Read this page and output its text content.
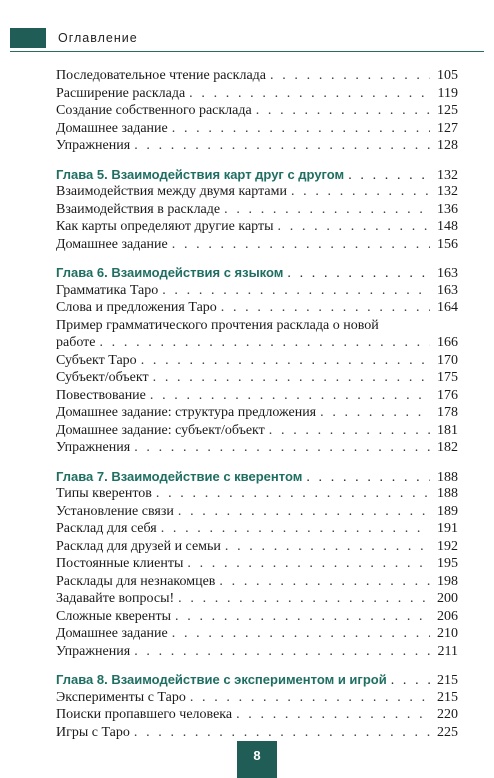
Оглавление
Последовательное чтение расклада . . .	105
Расширение расклада . . .	119
Создание собственного расклада . . .	125
Домашнее задание . . .	127
Упражнения . . .	128
Глава 5. Взаимодействия карт друг с другом . . .	132
Взаимодействия между двумя картами . . .	132
Взаимодействия в раскладе . . .	136
Как карты определяют другие карты . . .	148
Домашнее задание . . .	156
Глава 6. Взаимодействия с языком . . .	163
Грамматика Таро . . .	163
Слова и предложения Таро . . .	164
Пример грамматического прочтения расклада о новой
работе . . .	166
Субъект Таро . . .	170
Субъект/объект . . .	175
Повествование . . .	176
Домашнее задание: структура предложения . . .	178
Домашнее задание: субъект/объект . . .	181
Упражнения . . .	182
Глава 7. Взаимодействие с кверентом . . .	188
Типы кверентов . . .	188
Установление связи . . .	189
Расклад для себя . . .	191
Расклад для друзей и семьи . . .	192
Постоянные клиенты . . .	195
Расклады для незнакомцев . . .	198
Задавайте вопросы! . . .	200
Сложные кверенты . . .	206
Домашнее задание . . .	210
Упражнения . . .	211
Глава 8. Взаимодействие с экспериментом и игрой . . .	215
Эксперименты с Таро . . .	215
Поиски пропавшего человека . . .	220
Игры с Таро . . .	225
8
